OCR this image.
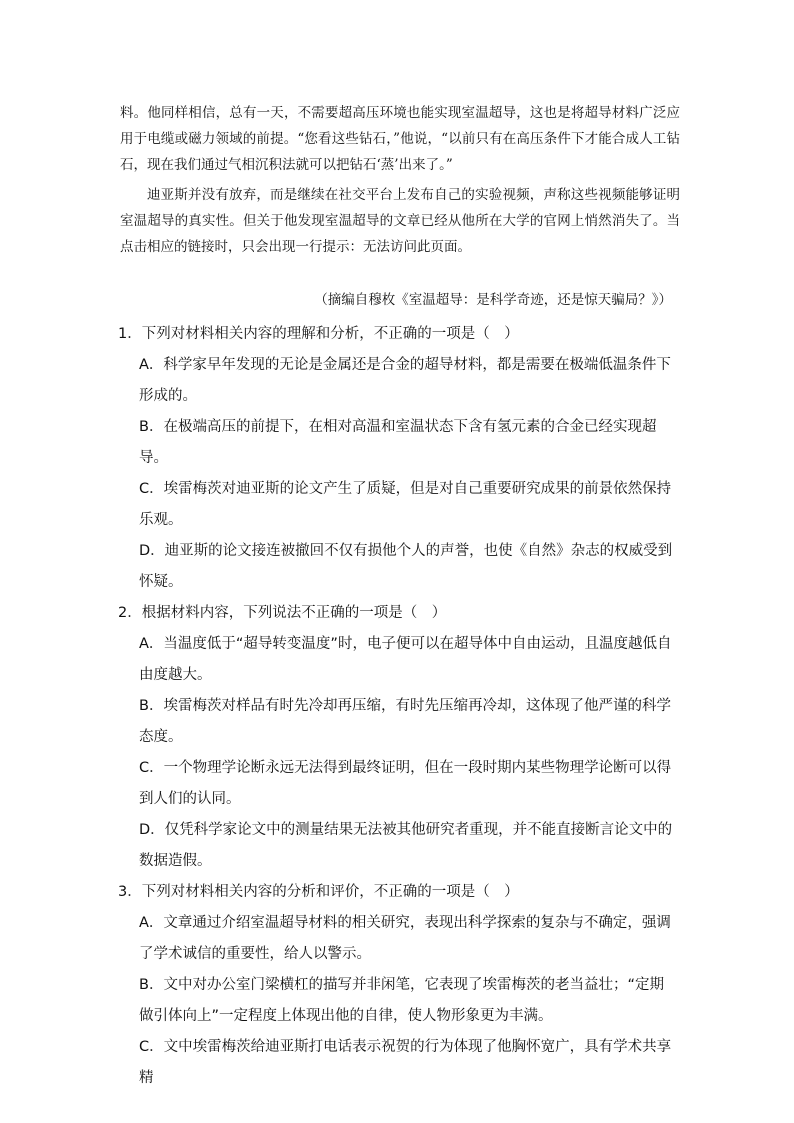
料。他同样相信，总有一天，不需要超高压环境也能实现室温超导，这也是将超导材料广泛应用于电缆或磁力领域的前提。“您看这些钻石，”他说，“以前只有在高压条件下才能合成人工钻石，现在我们通过气相沉积法就可以把钻石‘蒸’出来了。”

迪亚斯并没有放弃，而是继续在社交平台上发布自己的实验视频，声称这些视频能够证明室温超导的真实性。但关于他发现室温超导的文章已经从他所在大学的官网上悄然消失了。当点击相应的链接时，只会出现一行提示：无法访问此页面。

（摘编自穆枚《室温超导：是科学奇迹，还是惊天骗局？》）
1．下列对材料相关内容的理解和分析，不正确的一项是（　）
A．科学家早年发现的无论是金属还是合金的超导材料，都是需要在极端低温条件下形成的。
B．在极端高压的前提下，在相对高温和室温状态下含有氢元素的合金已经实现超导。
C．埃雷梅茨对迪亚斯的论文产生了质疑，但是对自己重要研究成果的前景依然保持乐观。
D．迪亚斯的论文接连被撤回不仅有损他个人的声誉，也使《自然》杂志的权威受到怀疑。
2．根据材料内容，下列说法不正确的一项是（　）
A．当温度低于“超导转变温度”时，电子便可以在超导体中自由运动，且温度越低自由度越大。
B．埃雷梅茨对样品有时先冷却再压缩，有时先压缩再冷却，这体现了他严谨的科学态度。
C．一个物理学论断永远无法得到最终证明，但在一段时期内某些物理学论断可以得到人们的认同。
D．仅凭科学家论文中的测量结果无法被其他研究者重现，并不能直接断言论文中的数据造假。
3．下列对材料相关内容的分析和评价，不正确的一项是（　）
A．文章通过介绍室温超导材料的相关研究，表现出科学探索的复杂与不确定，强调了学术诚信的重要性，给人以警示。
B．文中对办公室门梁横杠的描写并非闲笔，它表现了埃雷梅茨的老当益壮；“定期做引体向上”一定程度上体现出他的自律，使人物形象更为丰满。
C．文中埃雷梅茨给迪亚斯打电话表示祝贺的行为体现了他胸怀宽广，具有学术共享精
